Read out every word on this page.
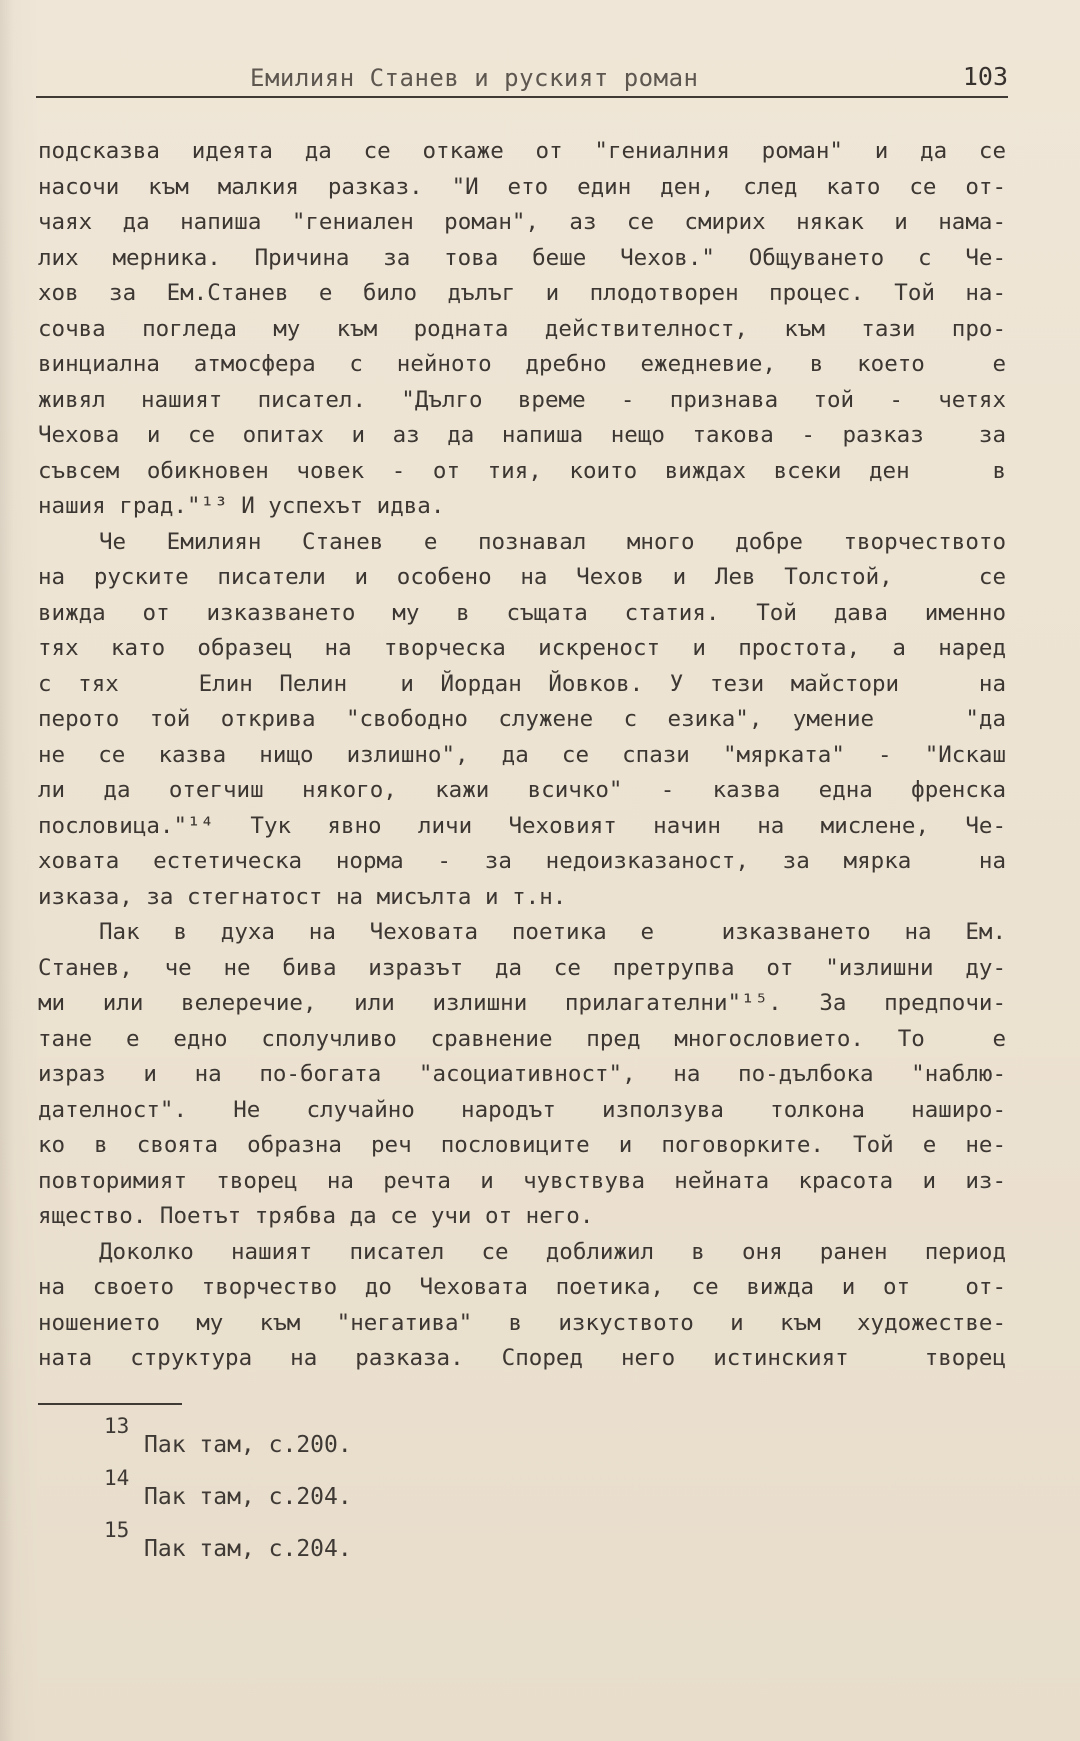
Емилиян Станев и руският роман	103
подсказва идеята да се откаже от "гениалния роман" и да се
насочи към малкия разказ. "И ето един ден, след като се от-
чаях да напиша "гениален роман", аз се смирих някак и нама-
лих мерника. Причина за това беше Чехов." Общуването с Че-
хов за Ем.Станев е било дълъг и плодотворен процес. Той на-
сочва погледа му към родната действителност, към тази про-
винциална атмосфера с нейното дребно ежедневие, в което  е
живял нашият писател. "Дълго време - признава той - четях
Чехова и се опитах и аз да напиша нещо такова - разказ  за
съвсем обикновен човек - от тия, които виждах всеки ден   в
нашия град."¹³ И успехът идва.
Че Емилиян Станев е познавал много добре творчеството
на руските писатели и особено на Чехов и Лев Толстой,   се
вижда от изказването му в същата статия. Той дава именно
тях като образец на творческа искреност и простота, а наред
с тях   Елин Пелин  и Йордан Йовков. У тези майстори   на
перото той открива "свободно служене с езика", умение   "да
не се казва нищо излишно", да се спази "мярката" - "Искаш
ли да отегчиш някого, кажи всичко" - казва една френска
пословица."¹⁴ Тук явно личи Чеховият начин на мислене, Че-
ховата естетическа норма - за недоизказаност, за мярка  на
изказа, за стегнатост на мисълта и т.н.
Пак в духа на Чеховата поетика е  изказването на Ем.
Станев, че не бива изразът да се претрупва от "излишни ду-
ми или велеречие, или излишни прилагателни"¹⁵. За предпочи-
тане е едно сполучливо сравнение пред многословието. То  е
израз и на по-богата "асоциативност", на по-дълбока "наблю-
дателност". Не случайно народът използува толкона нашиpo-
ко в своята образна реч пословиците и поговорките. Той е не-
повторимият творец на речта и чувствува нейната красота и из-
ящество. Поетът трябва да се учи от него.
Доколко нашият писател се доближил в оня ранен период
на своето творчество до Чеховата поетика, се вижда и от  от-
ношението му към "негатива" в изкуството и към художестве-
ната структура на разказа. Според него истинският  творец
13
Пак там, с.200.
14
Пак там, с.204.
15
Пак там, с.204.
